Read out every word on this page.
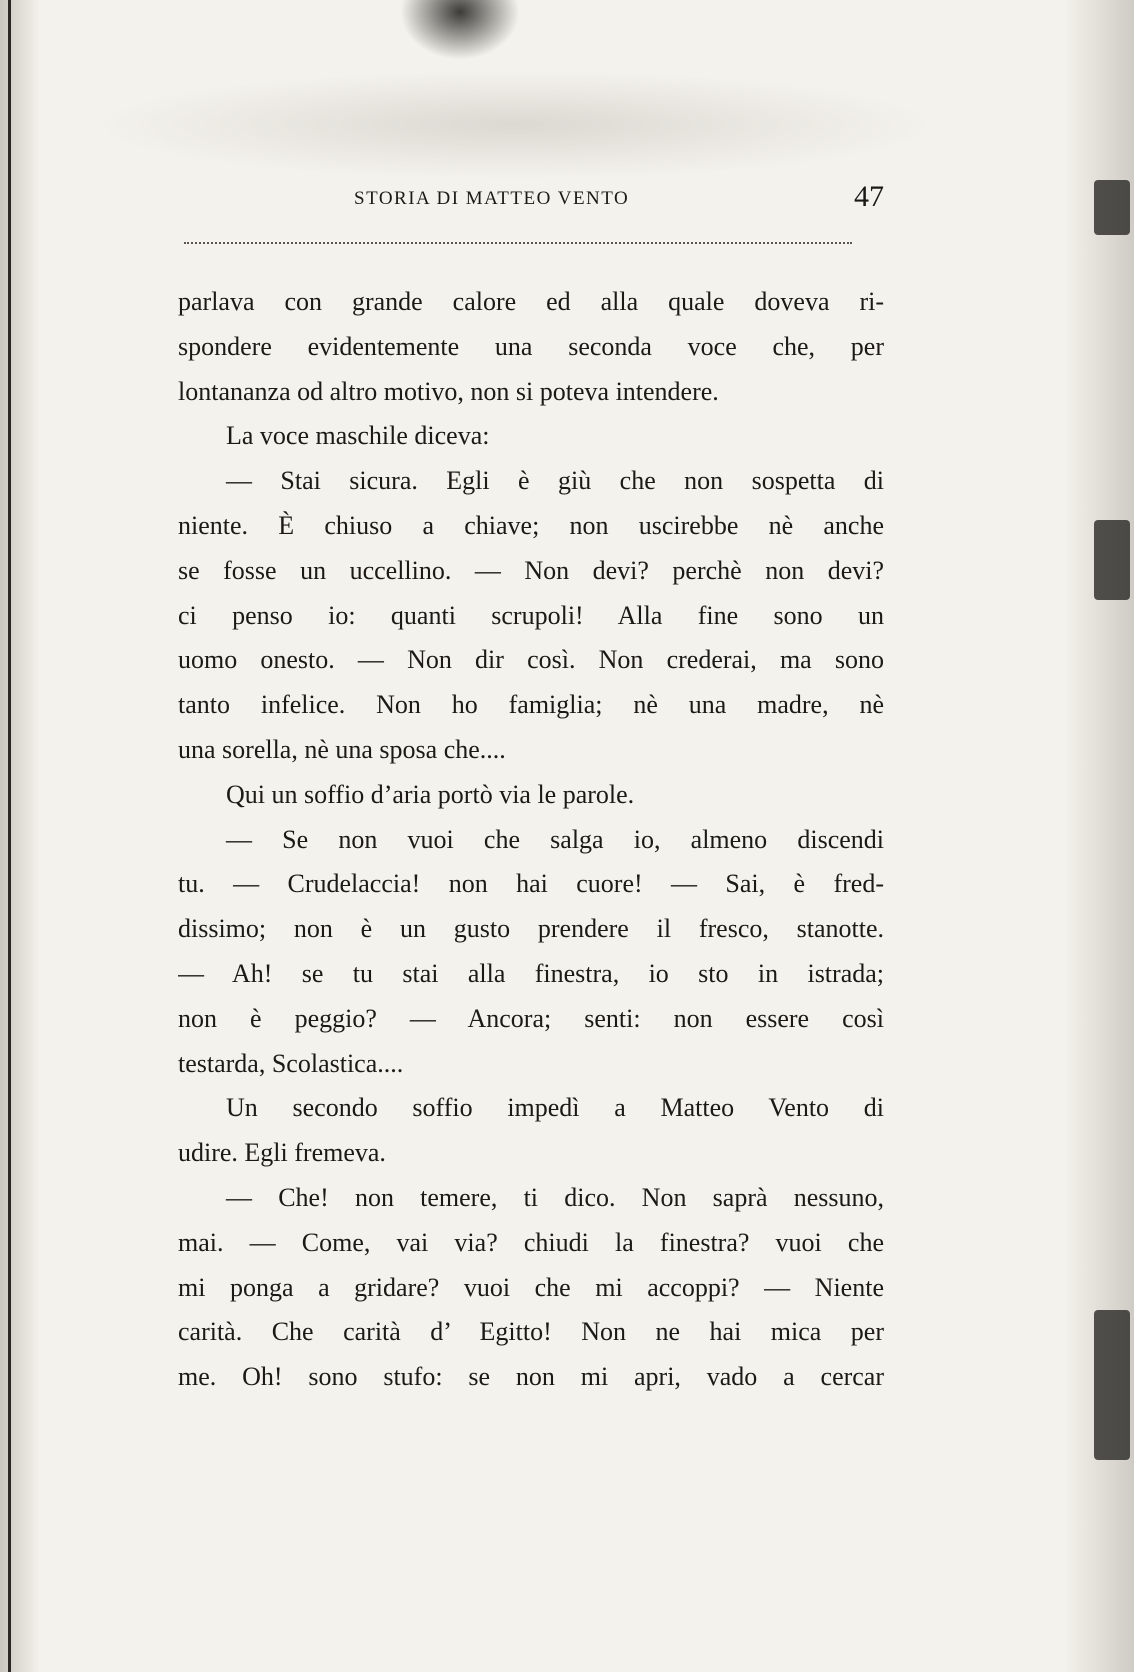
STORIA DI MATTEO VENTO	47
parlava con grande calore ed alla quale doveva ri-
spondere evidentemente una seconda voce che, per
lontananza od altro motivo, non si poteva intendere.
La voce maschile diceva:
— Stai sicura. Egli è giù che non sospetta di
niente. È chiuso a chiave; non uscirebbe nè anche
se fosse un uccellino. — Non devi? perchè non devi?
ci penso io: quanti scrupoli! Alla fine sono un
uomo onesto. — Non dir così. Non crederai, ma sono
tanto infelice. Non ho famiglia; nè una madre, nè
una sorella, nè una sposa che....
Qui un soffio d’aria portò via le parole.
— Se non vuoi che salga io, almeno discendi
tu. — Crudelaccia! non hai cuore! — Sai, è fred-
dissimo; non è un gusto prendere il fresco, stanotte.
— Ah! se tu stai alla finestra, io sto in istrada;
non è peggio? — Ancora; senti: non essere così
testarda, Scolastica....
Un secondo soffio impedì a Matteo Vento di
udire. Egli fremeva.
— Che! non temere, ti dico. Non saprà nessuno,
mai. — Come, vai via? chiudi la finestra? vuoi che
mi ponga a gridare? vuoi che mi accoppi? — Niente
carità. Che carità d’ Egitto! Non ne hai mica per
me. Oh! sono stufo: se non mi apri, vado a cercar
